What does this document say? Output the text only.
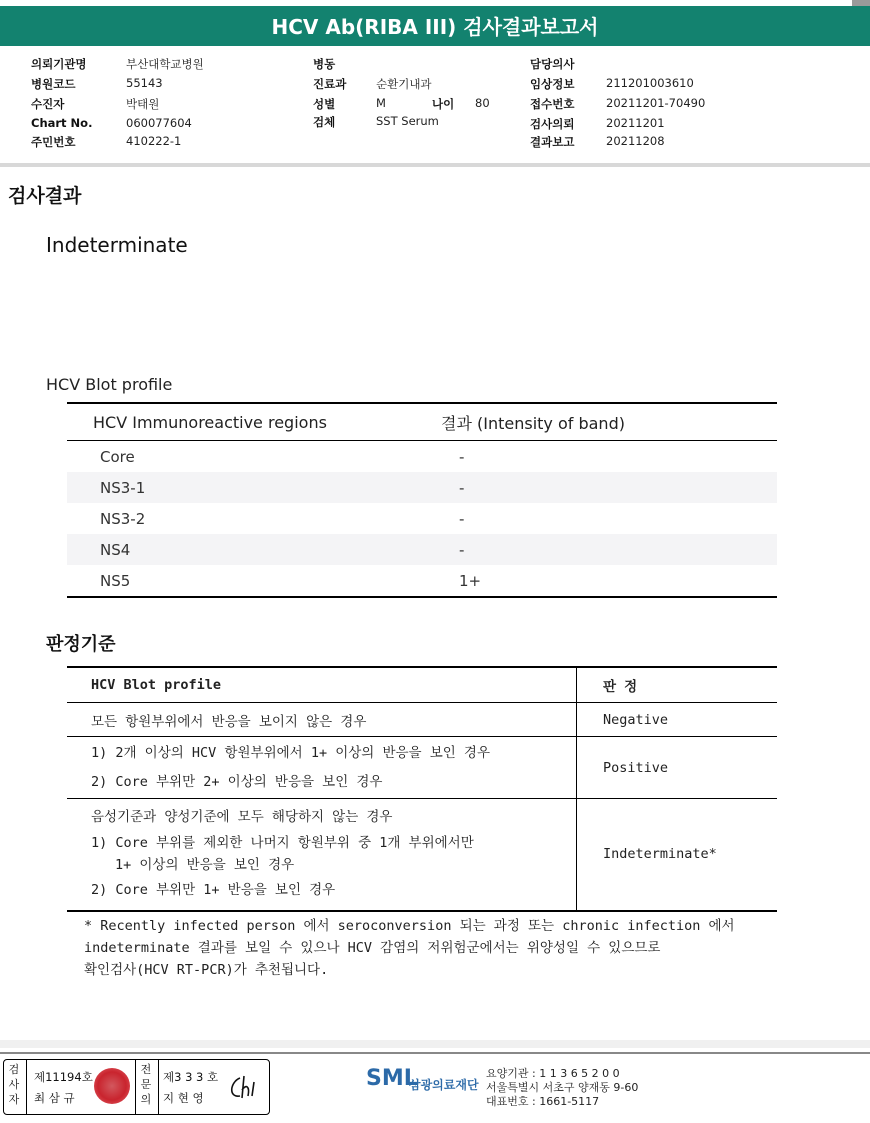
HCV Ab(RIBA III) 검사결과보고서
의뢰기관명	부산대학교병원
병원코드	55143
수진자	박태원
Chart No.	060077604
주민번호	410222-1
병동
진료과	순환기내과
성별	M	나이 80
검체	SST Serum
담당의사
임상정보	211201003610
접수번호	20211201-70490
검사의뢰	20211201
결과보고	20211208
검사결과
Indeterminate
HCV Blot profile
HCV Immunoreactive regions	결과 (Intensity of band)
Core	-
NS3-1	-
NS3-2	-
NS4	-
NS5	1+
판정기준
HCV Blot profile	판 정
모든 항원부위에서 반응을 보이지 않은 경우	Negative

1) 2개 이상의 HCV 항원부위에서 1+ 이상의 반응을 보인 경우
2) Core 부위만 2+ 이상의 반응을 보인 경우	Positive

음성기준과 양성기준에 모두 해당하지 않는 경우
1) Core 부위를 제외한 나머지 항원부위 중 1개 부위에서만
1+ 이상의 반응을 보인 경우
2) Core 부위만 1+ 반응을 보인 경우	Indeterminate*
* Recently infected person 에서 seroconversion 되는 과정 또는 chronic infection 에서
indeterminate 결과를 보일 수 있으나 HCV 감염의 저위험군에서는 위양성일 수 있으므로
확인검사(HCV RT-PCR)가 추천됩니다.
검사자
제11194호
최 삼 규
전문의
제3 3 3 호
지 현 영
SML
삼광의료재단
요양기관 : 1 1 3 6 5 2 0 0
서울특별시 서초구 양재동 9-60
대표번호 : 1661-5117
